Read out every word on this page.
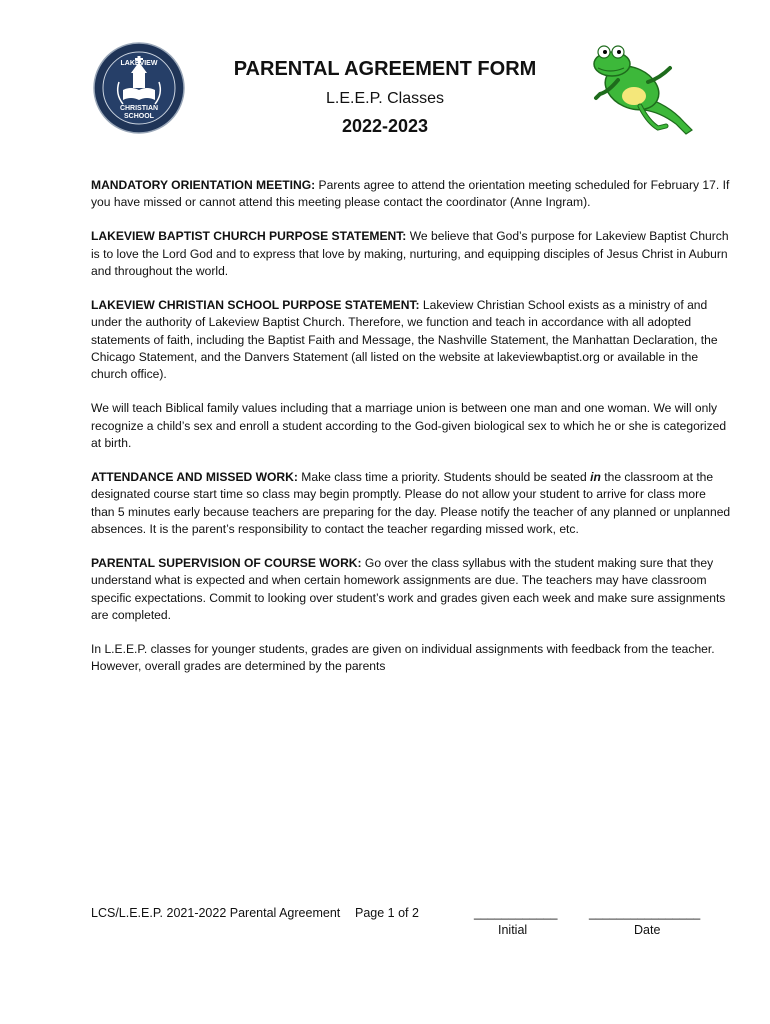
LAKEVIEW
CHRISTIAN
SCHOOL
PARENTAL AGREEMENT FORM
L.E.E.P. Classes
2022-2023

MANDATORY ORIENTATION MEETING: Parents agree to attend the orientation meeting scheduled for February 17. If you have missed or cannot attend this meeting please contact the coordinator (Anne Ingram).

LAKEVIEW BAPTIST CHURCH PURPOSE STATEMENT: We believe that God’s purpose for Lakeview Baptist Church is to love the Lord God and to express that love by making, nurturing, and equipping disciples of Jesus Christ in Auburn and throughout the world.

LAKEVIEW CHRISTIAN SCHOOL PURPOSE STATEMENT: Lakeview Christian School exists as a ministry of and under the authority of Lakeview Baptist Church. Therefore, we function and teach in accordance with all adopted statements of faith, including the Baptist Faith and Message, the Nashville Statement, the Manhattan Declaration, the Chicago Statement, and the Danvers Statement (all listed on the website at lakeviewbaptist.org or available in the church office).

We will teach Biblical family values including that a marriage union is between one man and one woman. We will only recognize a child’s sex and enroll a student according to the God-given biological sex to which he or she is categorized at birth.

ATTENDANCE AND MISSED WORK: Make class time a priority. Students should be seated in the classroom at the designated course start time so class may begin promptly. Please do not allow your student to arrive for class more than 5 minutes early because teachers are preparing for the day. Please notify the teacher of any planned or unplanned absences. It is the parent’s responsibility to contact the teacher regarding missed work, etc.

PARENTAL SUPERVISION OF COURSE WORK: Go over the class syllabus with the student making sure that they understand what is expected and when certain homework assignments are due. The teachers may have classroom specific expectations. Commit to looking over student’s work and grades given each week and make sure assignments are completed.

In L.E.E.P. classes for younger students, grades are given on individual assignments with feedback from the teacher. However, overall grades are determined by the parents

LCS/L.E.E.P. 2021-2022 Parental Agreement Page 1 of 2	____________	________________
Initial	Date
